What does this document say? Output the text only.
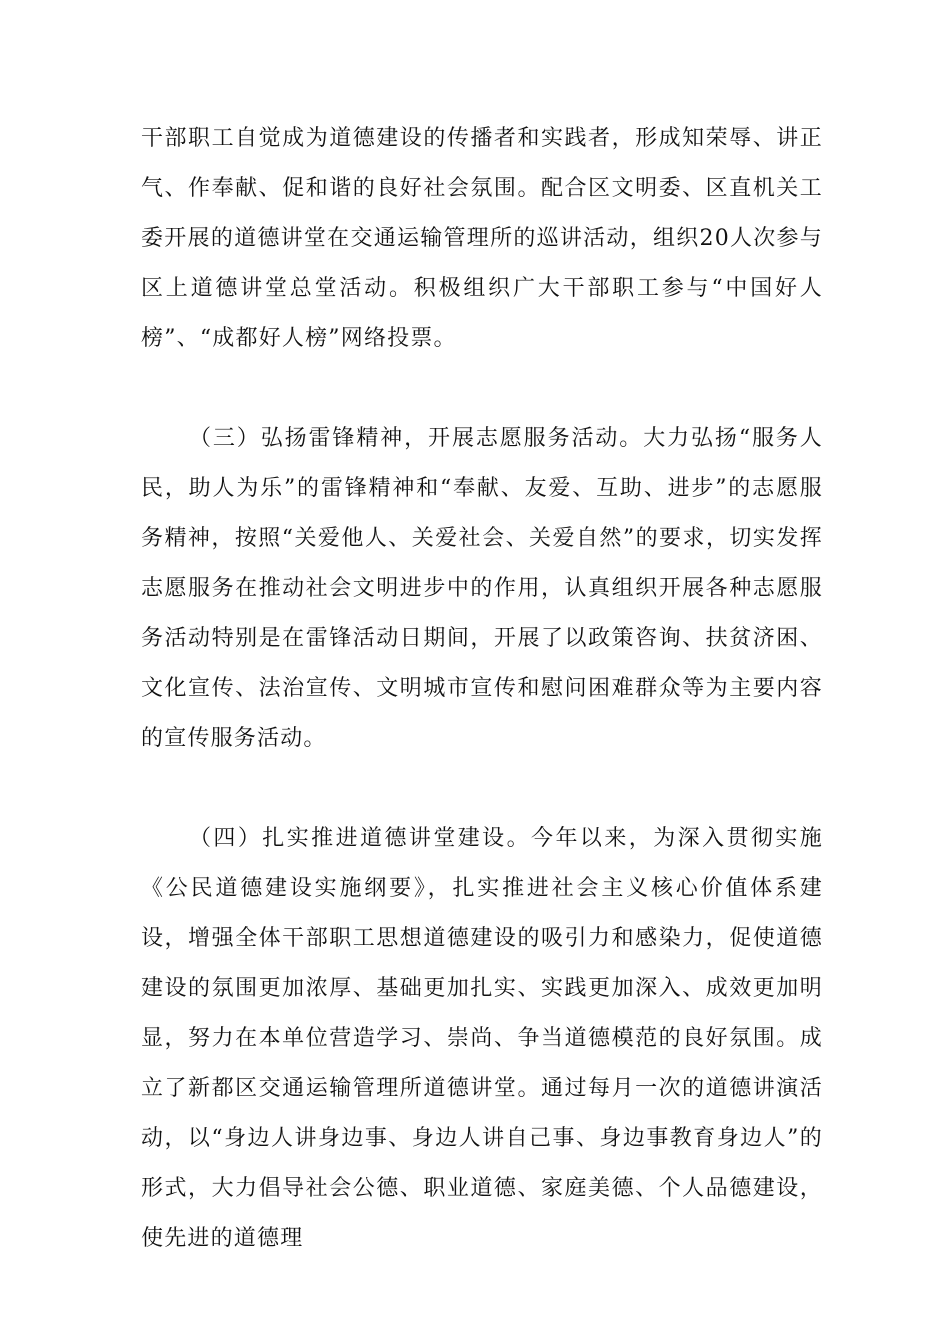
干部职工自觉成为道德建设的传播者和实践者，形成知荣辱、讲正气、作奉献、促和谐的良好社会氛围。配合区文明委、区直机关工委开展的道德讲堂在交通运输管理所的巡讲活动，组织20人次参与区上道德讲堂总堂活动。积极组织广大干部职工参与“中国好人榜”、“成都好人榜”网络投票。

（三）弘扬雷锋精神，开展志愿服务活动。大力弘扬“服务人民，助人为乐”的雷锋精神和“奉献、友爱、互助、进步”的志愿服务精神，按照“关爱他人、关爱社会、关爱自然”的要求，切实发挥志愿服务在推动社会文明进步中的作用，认真组织开展各种志愿服务活动特别是在雷锋活动日期间，开展了以政策咨询、扶贫济困、文化宣传、法治宣传、文明城市宣传和慰问困难群众等为主要内容的宣传服务活动。

（四）扎实推进道德讲堂建设。今年以来，为深入贯彻实施《公民道德建设实施纲要》，扎实推进社会主义核心价值体系建设，增强全体干部职工思想道德建设的吸引力和感染力，促使道德建设的氛围更加浓厚、基础更加扎实、实践更加深入、成效更加明显，努力在本单位营造学习、崇尚、争当道德模范的良好氛围。成立了新都区交通运输管理所道德讲堂。通过每月一次的道德讲演活动，以“身边人讲身边事、身边人讲自己事、身边事教育身边人”的形式，大力倡导社会公德、职业道德、家庭美德、个人品德建设，使先进的道德理
